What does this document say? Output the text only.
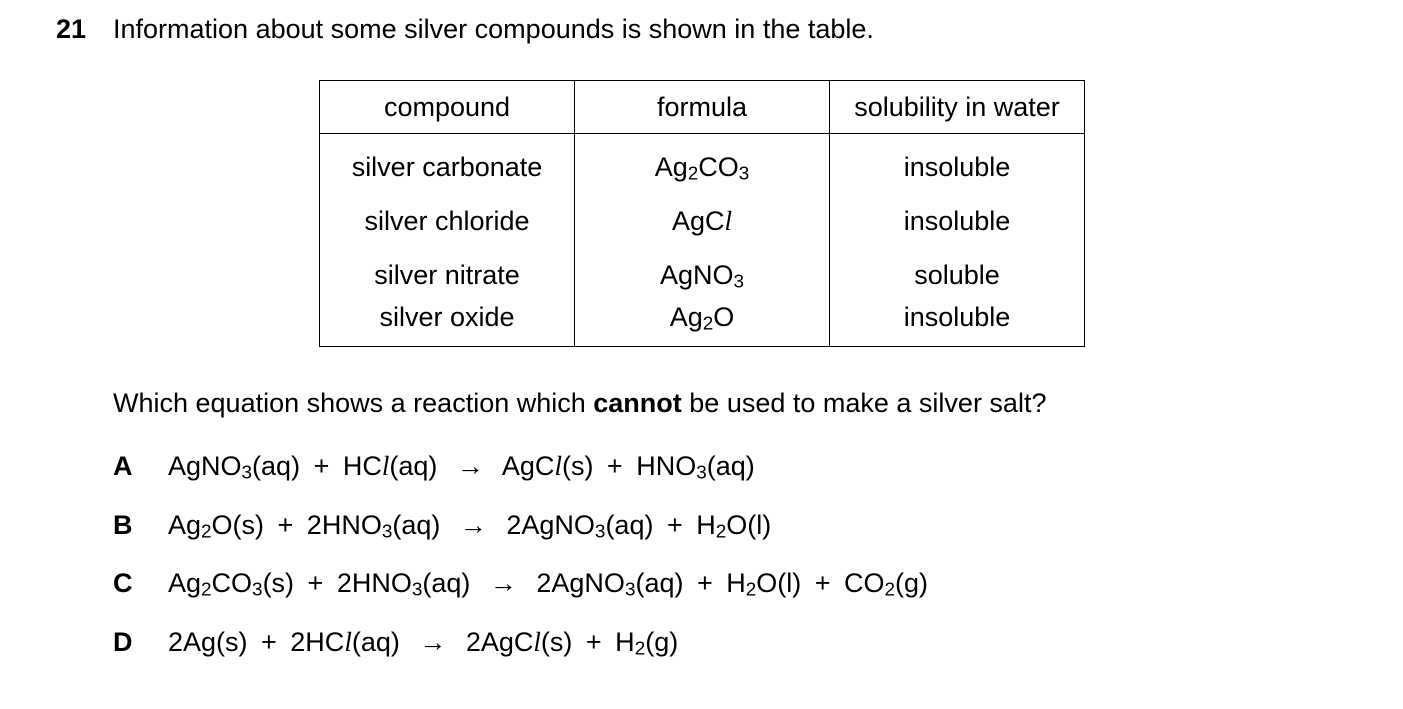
21 Information about some silver compounds is shown in the table.
compound	formula	solubility in water
silver carbonate	$Ag_2CO_3$	insoluble
silver chloride	AgCl	insoluble
silver nitrate	AgNO$_3$	soluble
silver oxide	$Ag_2O$	insoluble
Which equation shows a reaction which cannot be used to make a silver salt?
A AgNO$_3$(aq) + HCl(aq) → AgCl(s) + $HNO_3(aq)$
B $Ag_2O(s) + 2HNO_3(aq)$ → 2AgNO$_3$(aq) + $H_2O(l)$
C $Ag_2CO_3(s) + 2HNO_3(aq)$ → 2AgNO$_3$(aq) + $H_2O(l) + CO_2(g)$
D 2Ag(s) + 2HCl(aq) → 2AgCl(s) + $H_2(g)$
